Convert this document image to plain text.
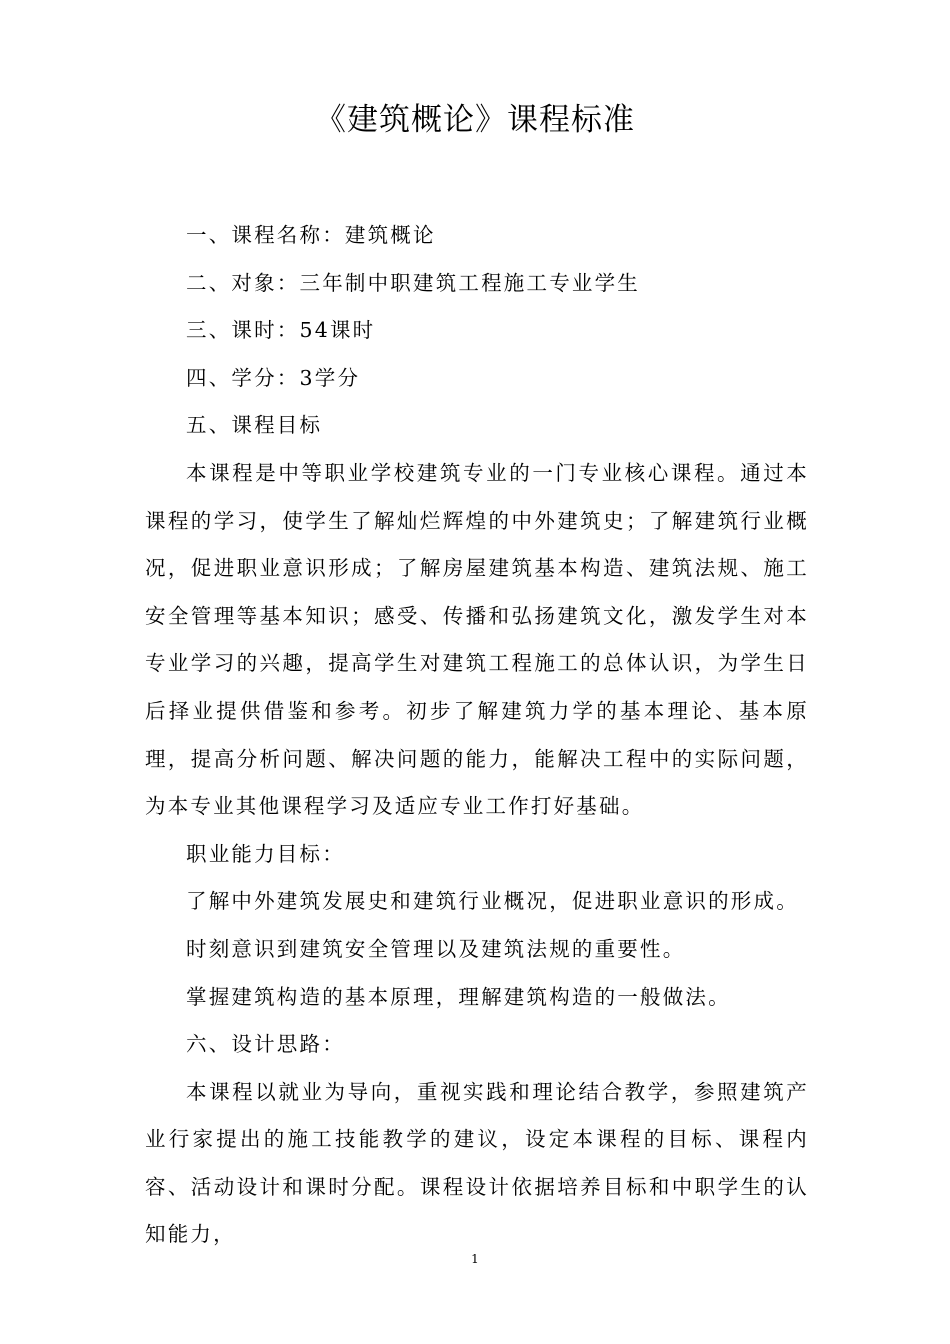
《建筑概论》课程标准

一、课程名称：建筑概论

二、对象：三年制中职建筑工程施工专业学生

三、课时：54课时

四、学分：3学分

五、课程目标

本课程是中等职业学校建筑专业的一门专业核心课程。通过本课程的学习，使学生了解灿烂辉煌的中外建筑史；了解建筑行业概况，促进职业意识形成；了解房屋建筑基本构造、建筑法规、施工安全管理等基本知识；感受、传播和弘扬建筑文化，激发学生对本专业学习的兴趣，提高学生对建筑工程施工的总体认识，为学生日后择业提供借鉴和参考。初步了解建筑力学的基本理论、基本原理，提高分析问题、解决问题的能力，能解决工程中的实际问题，为本专业其他课程学习及适应专业工作打好基础。

职业能力目标：

了解中外建筑发展史和建筑行业概况，促进职业意识的形成。

时刻意识到建筑安全管理以及建筑法规的重要性。

掌握建筑构造的基本原理，理解建筑构造的一般做法。

六、设计思路：

本课程以就业为导向，重视实践和理论结合教学，参照建筑产业行家提出的施工技能教学的建议，设定本课程的目标、课程内容、活动设计和课时分配。课程设计依据培养目标和中职学生的认知能力，

1
